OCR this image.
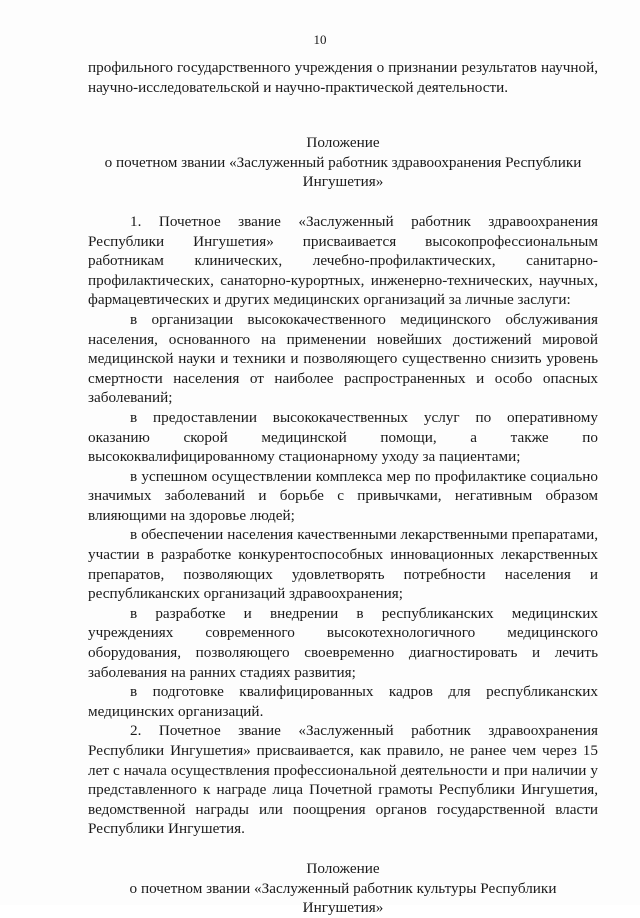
10

профильного государственного учреждения о признании результатов научной, научно-исследовательской и научно-практической деятельности.

Положение
о почетном звании «Заслуженный работник здравоохранения Республики Ингушетия»

1. Почетное звание «Заслуженный работник здравоохранения Республики Ингушетия» присваивается высокопрофессиональным работникам клинических, лечебно-профилактических, санитарно-профилактических, санаторно-курортных, инженерно-технических, научных, фармацевтических и других медицинских организаций за личные заслуги:

в организации высококачественного медицинского обслуживания населения, основанного на применении новейших достижений мировой медицинской науки и техники и позволяющего существенно снизить уровень смертности населения от наиболее распространенных и особо опасных заболеваний;

в предоставлении высококачественных услуг по оперативному оказанию скорой медицинской помощи, а также по высококвалифицированному стационарному уходу за пациентами;

в успешном осуществлении комплекса мер по профилактике социально значимых заболеваний и борьбе с привычками, негативным образом влияющими на здоровье людей;

в обеспечении населения качественными лекарственными препаратами, участии в разработке конкурентоспособных инновационных лекарственных препаратов, позволяющих удовлетворять потребности населения и республиканских организаций здравоохранения;

в разработке и внедрении в республиканских медицинских учреждениях современного высокотехнологичного медицинского оборудования, позволяющего своевременно диагностировать и лечить заболевания на ранних стадиях развития;

в подготовке квалифицированных кадров для республиканских медицинских организаций.

2. Почетное звание «Заслуженный работник здравоохранения Республики Ингушетия» присваивается, как правило, не ранее чем через 15 лет с начала осуществления профессиональной деятельности и при наличии у представленного к награде лица Почетной грамоты Республики Ингушетия, ведомственной награды или поощрения органов государственной власти Республики Ингушетия.

Положение
о почетном звании «Заслуженный работник культуры Республики Ингушетия»
